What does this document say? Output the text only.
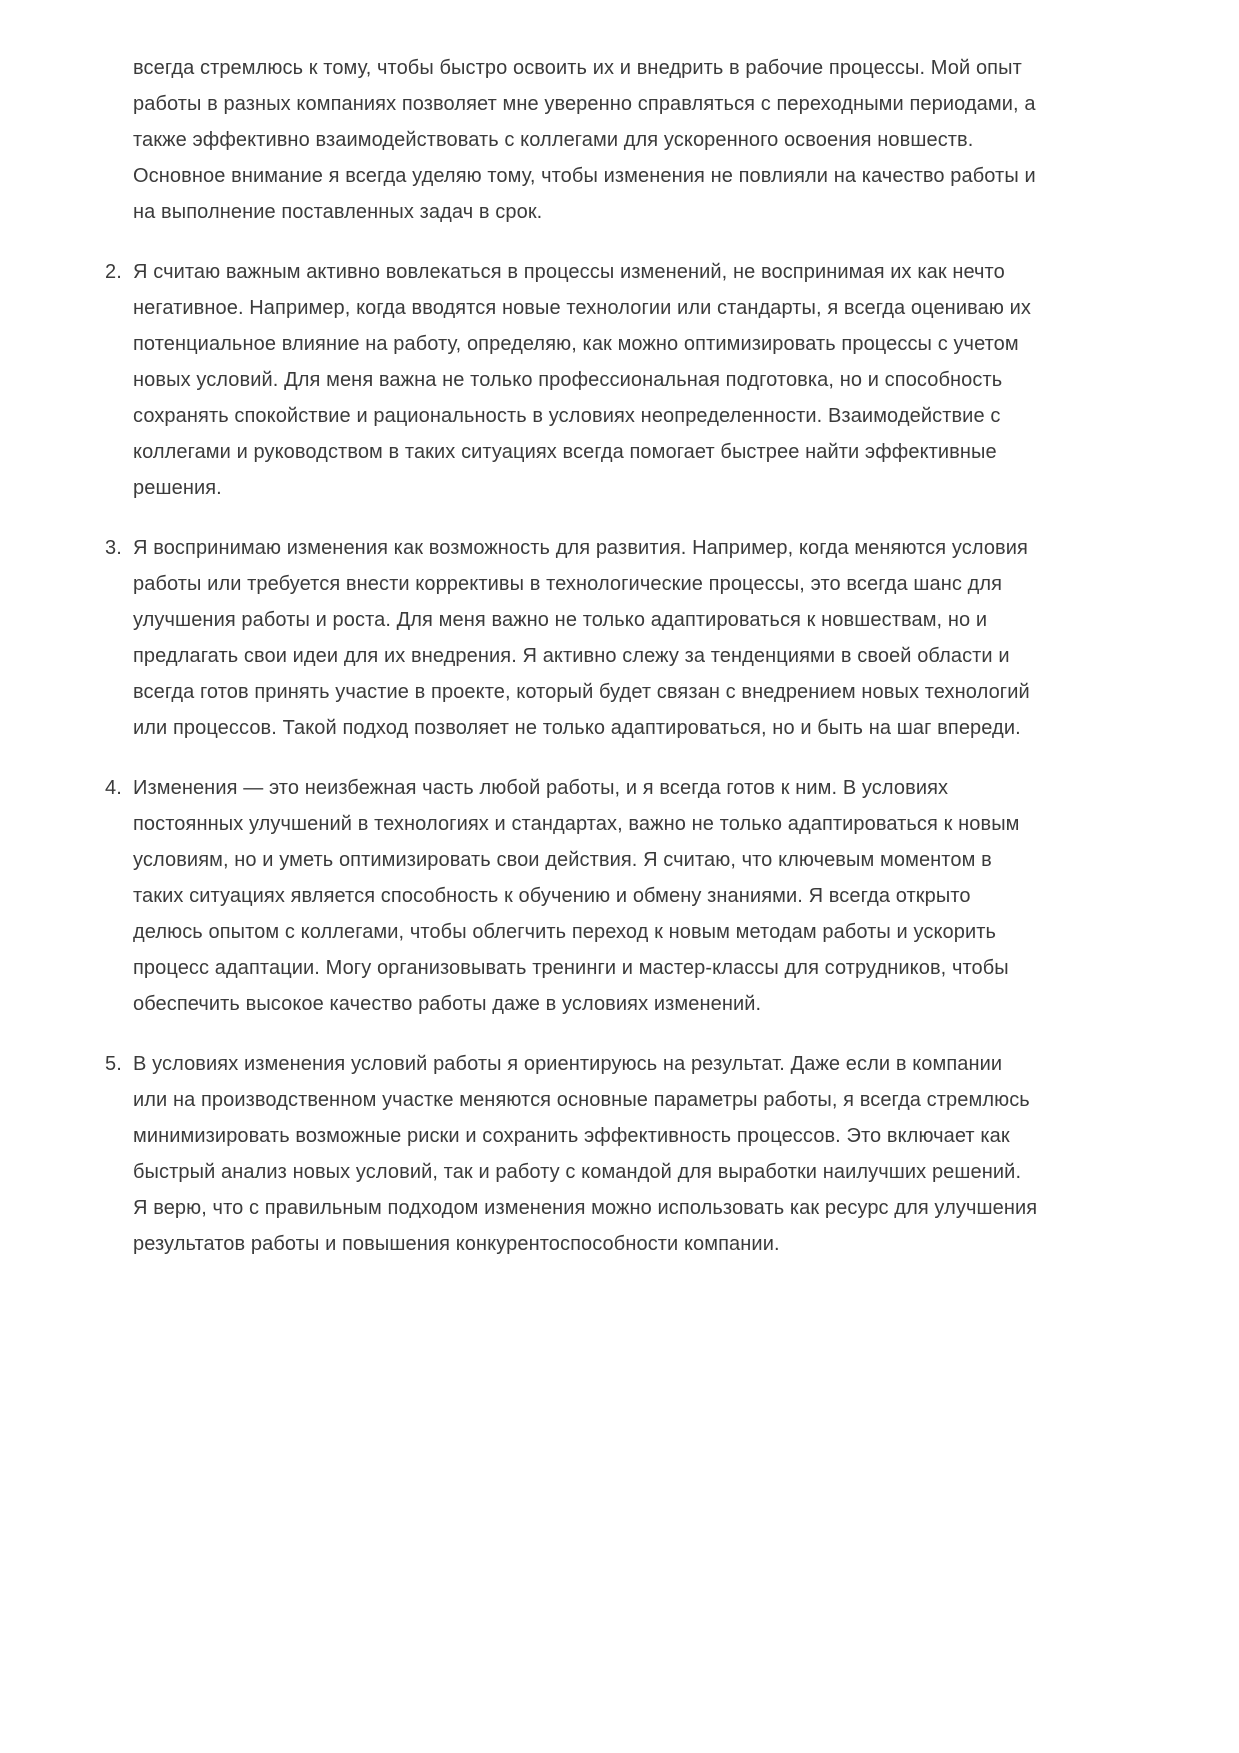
всегда стремлюсь к тому, чтобы быстро освоить их и внедрить в рабочие процессы. Мой опыт работы в разных компаниях позволяет мне уверенно справляться с переходными периодами, а также эффективно взаимодействовать с коллегами для ускоренного освоения новшеств. Основное внимание я всегда уделяю тому, чтобы изменения не повлияли на качество работы и на выполнение поставленных задач в срок.

2. Я считаю важным активно вовлекаться в процессы изменений, не воспринимая их как нечто негативное. Например, когда вводятся новые технологии или стандарты, я всегда оцениваю их потенциальное влияние на работу, определяю, как можно оптимизировать процессы с учетом новых условий. Для меня важна не только профессиональная подготовка, но и способность сохранять спокойствие и рациональность в условиях неопределенности. Взаимодействие с коллегами и руководством в таких ситуациях всегда помогает быстрее найти эффективные решения.

3. Я воспринимаю изменения как возможность для развития. Например, когда меняются условия работы или требуется внести коррективы в технологические процессы, это всегда шанс для улучшения работы и роста. Для меня важно не только адаптироваться к новшествам, но и предлагать свои идеи для их внедрения. Я активно слежу за тенденциями в своей области и всегда готов принять участие в проекте, который будет связан с внедрением новых технологий или процессов. Такой подход позволяет не только адаптироваться, но и быть на шаг впереди.

4. Изменения — это неизбежная часть любой работы, и я всегда готов к ним. В условиях постоянных улучшений в технологиях и стандартах, важно не только адаптироваться к новым условиям, но и уметь оптимизировать свои действия. Я считаю, что ключевым моментом в таких ситуациях является способность к обучению и обмену знаниями. Я всегда открыто делюсь опытом с коллегами, чтобы облегчить переход к новым методам работы и ускорить процесс адаптации. Могу организовывать тренинги и мастер-классы для сотрудников, чтобы обеспечить высокое качество работы даже в условиях изменений.

5. В условиях изменения условий работы я ориентируюсь на результат. Даже если в компании или на производственном участке меняются основные параметры работы, я всегда стремлюсь минимизировать возможные риски и сохранить эффективность процессов. Это включает как быстрый анализ новых условий, так и работу с командой для выработки наилучших решений. Я верю, что с правильным подходом изменения можно использовать как ресурс для улучшения результатов работы и повышения конкурентоспособности компании.
